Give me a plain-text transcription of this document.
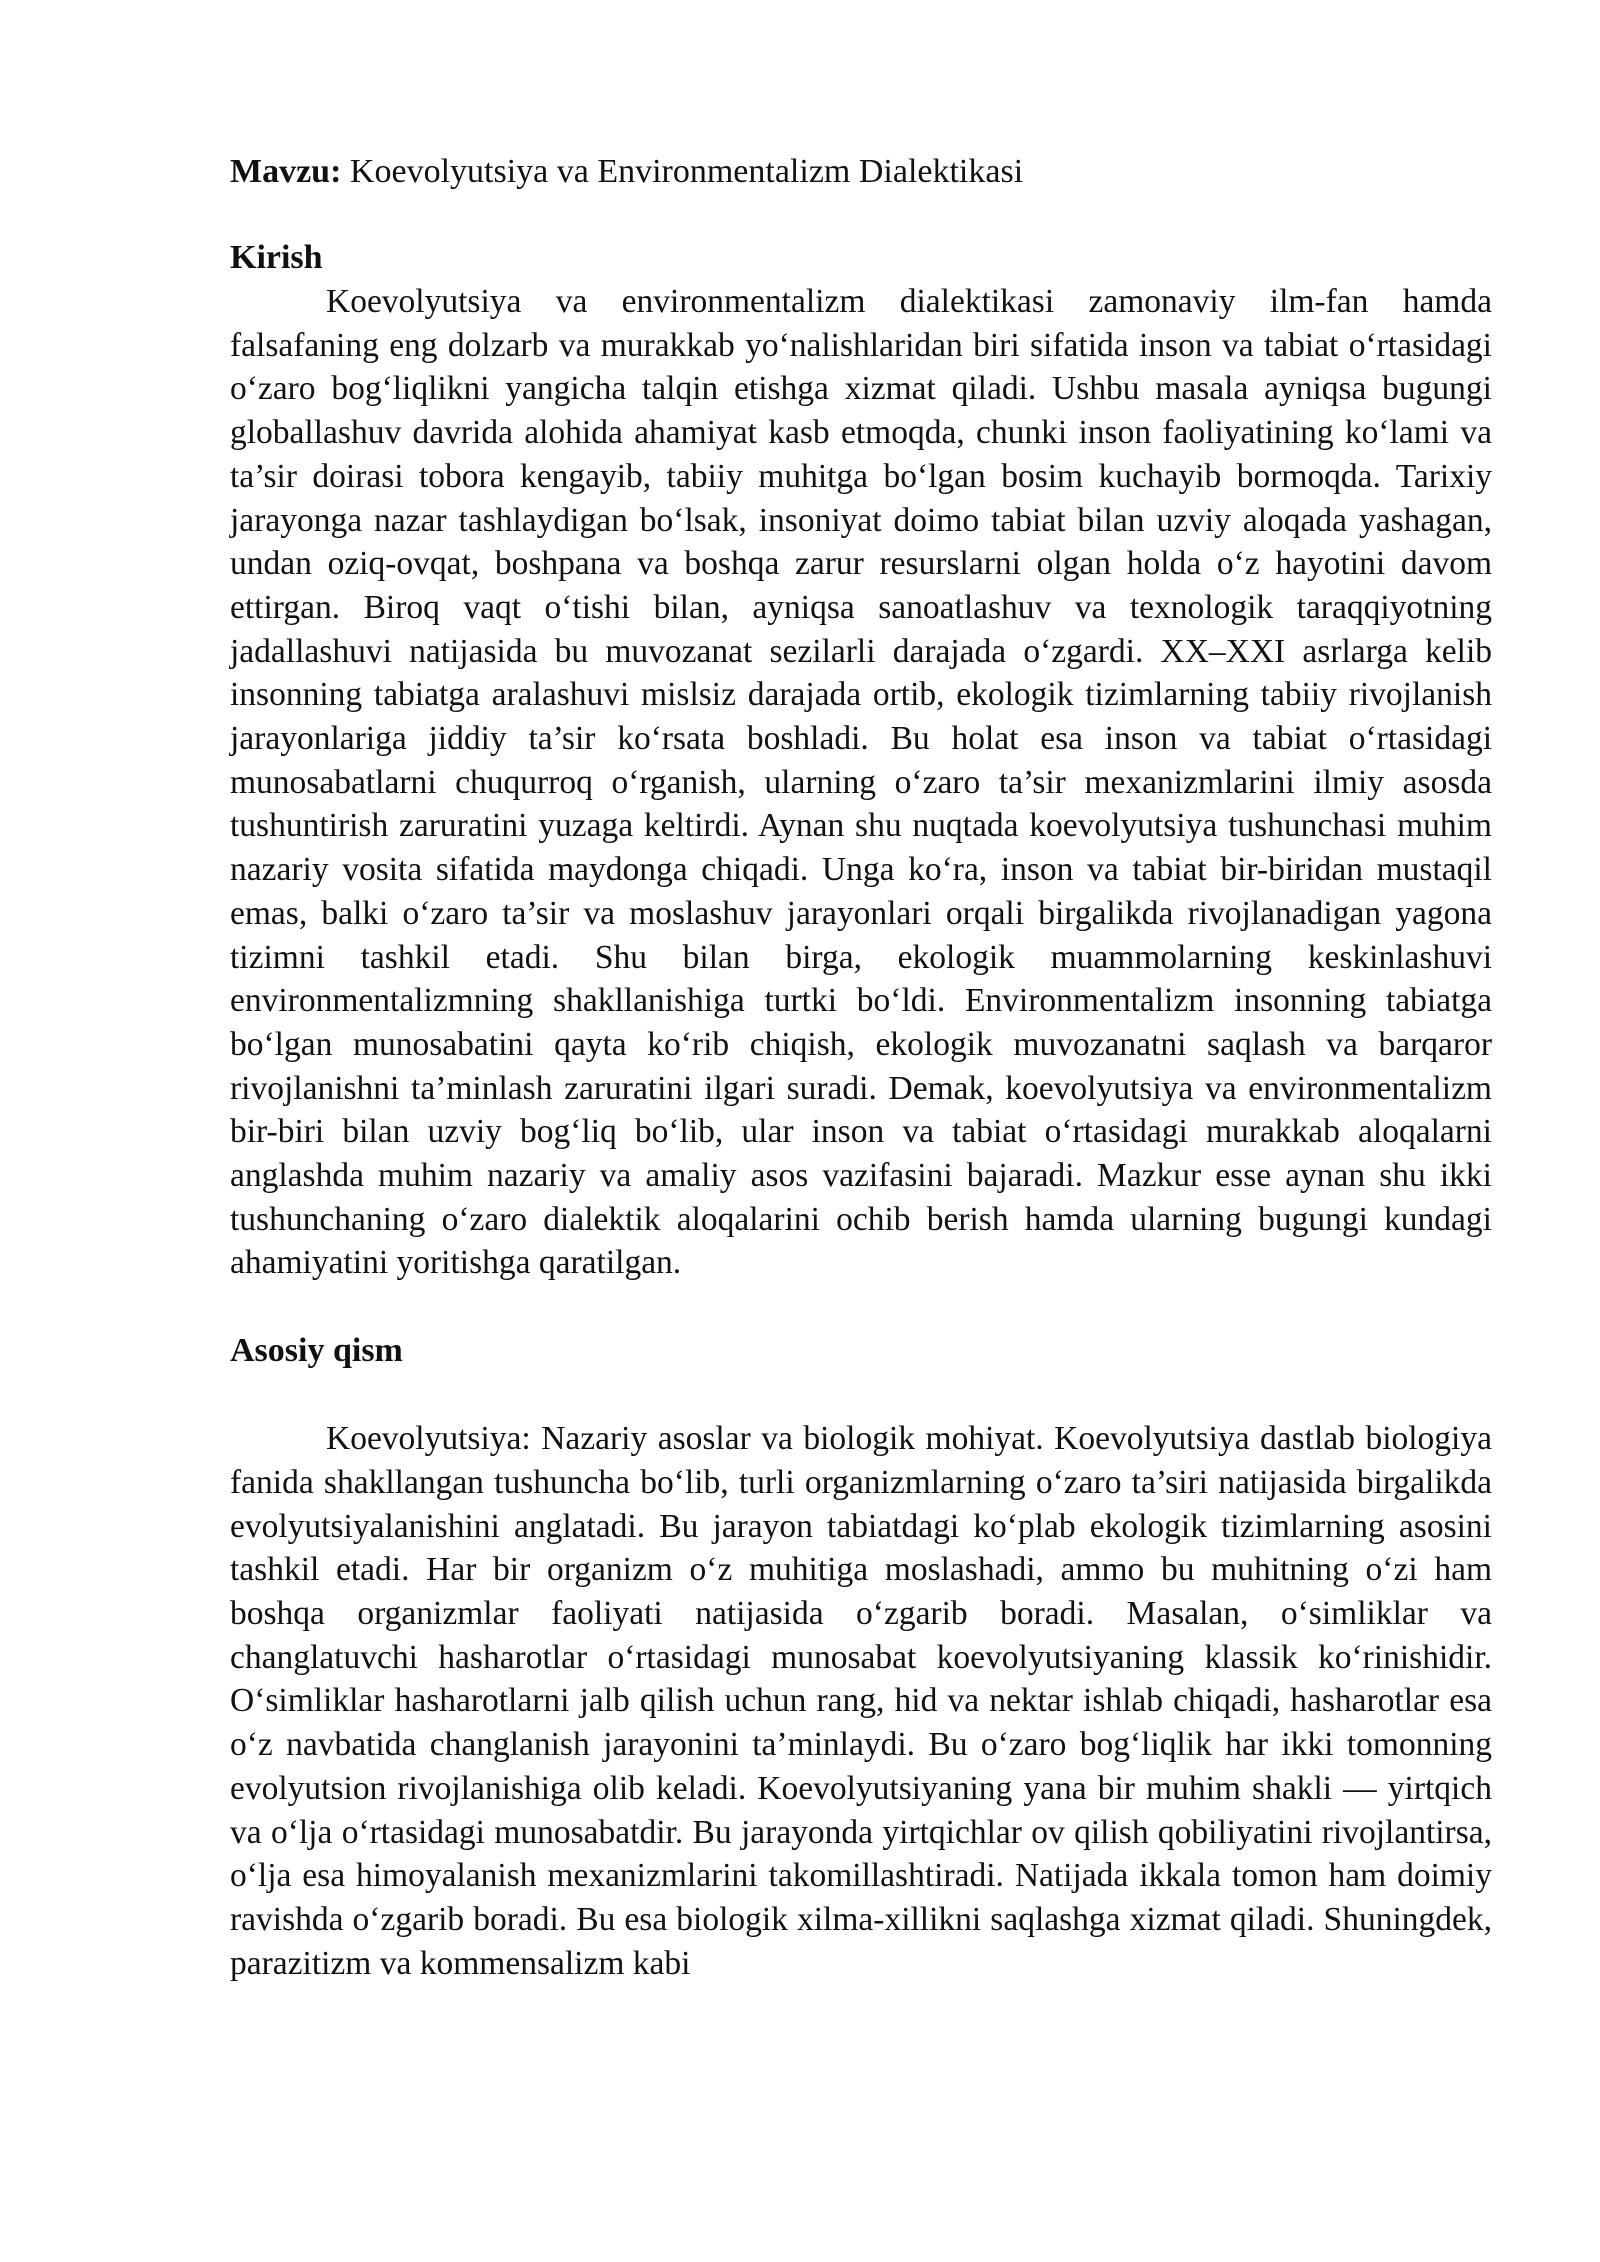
Mavzu: Koevolyutsiya va Environmentalizm Dialektikasi

Kirish

Koevolyutsiya va environmentalizm dialektikasi zamonaviy ilm-fan hamda falsafaning eng dolzarb va murakkab yo‘nalishlaridan biri sifatida inson va tabiat o‘rtasidagi o‘zaro bog‘liqlikni yangicha talqin etishga xizmat qiladi. Ushbu masala ayniqsa bugungi globallashuv davrida alohida ahamiyat kasb etmoqda, chunki inson faoliyatining ko‘lami va ta’sir doirasi tobora kengayib, tabiiy muhitga bo‘lgan bosim kuchayib bormoqda. Tarixiy jarayonga nazar tashlaydigan bo‘lsak, insoniyat doimo tabiat bilan uzviy aloqada yashagan, undan oziq-ovqat, boshpana va boshqa zarur resurslarni olgan holda o‘z hayotini davom ettirgan. Biroq vaqt o‘tishi bilan, ayniqsa sanoatlashuv va texnologik taraqqiyotning jadallashuvi natijasida bu muvozanat sezilarli darajada o‘zgardi. XX–XXI asrlarga kelib insonning tabiatga aralashuvi mislsiz darajada ortib, ekologik tizimlarning tabiiy rivojlanish jarayonlariga jiddiy ta’sir ko‘rsata boshladi. Bu holat esa inson va tabiat o‘rtasidagi munosabatlarni chuqurroq o‘rganish, ularning o‘zaro ta’sir mexanizmlarini ilmiy asosda tushuntirish zaruratini yuzaga keltirdi. Aynan shu nuqtada koevolyutsiya tushunchasi muhim nazariy vosita sifatida maydonga chiqadi. Unga ko‘ra, inson va tabiat bir-biridan mustaqil emas, balki o‘zaro ta’sir va moslashuv jarayonlari orqali birgalikda rivojlanadigan yagona tizimni tashkil etadi. Shu bilan birga, ekologik muammolarning keskinlashuvi environmentalizmning shakllanishiga turtki bo‘ldi. Environmentalizm insonning tabiatga bo‘lgan munosabatini qayta ko‘rib chiqish, ekologik muvozanatni saqlash va barqaror rivojlanishni ta’minlash zaruratini ilgari suradi. Demak, koevolyutsiya va environmentalizm bir-biri bilan uzviy bog‘liq bo‘lib, ular inson va tabiat o‘rtasidagi murakkab aloqalarni anglashda muhim nazariy va amaliy asos vazifasini bajaradi. Mazkur esse aynan shu ikki tushunchaning o‘zaro dialektik aloqalarini ochib berish hamda ularning bugungi kundagi ahamiyatini yoritishga qaratilgan.

Asosiy qism

Koevolyutsiya: Nazariy asoslar va biologik mohiyat. Koevolyutsiya dastlab biologiya fanida shakllangan tushuncha bo‘lib, turli organizmlarning o‘zaro ta’siri natijasida birgalikda evolyutsiyalanishini anglatadi. Bu jarayon tabiatdagi ko‘plab ekologik tizimlarning asosini tashkil etadi. Har bir organizm o‘z muhitiga moslashadi, ammo bu muhitning o‘zi ham boshqa organizmlar faoliyati natijasida o‘zgarib boradi. Masalan, o‘simliklar va changlatuvchi hasharotlar o‘rtasidagi munosabat koevolyutsiyaning klassik ko‘rinishidir. O‘simliklar hasharotlarni jalb qilish uchun rang, hid va nektar ishlab chiqadi, hasharotlar esa o‘z navbatida changlanish jarayonini ta’minlaydi. Bu o‘zaro bog‘liqlik har ikki tomonning evolyutsion rivojlanishiga olib keladi. Koevolyutsiyaning yana bir muhim shakli — yirtqich va o‘lja o‘rtasidagi munosabatdir. Bu jarayonda yirtqichlar ov qilish qobiliyatini rivojlantirsa, o‘lja esa himoyalanish mexanizmlarini takomillashtiradi. Natijada ikkala tomon ham doimiy ravishda o‘zgarib boradi. Bu esa biologik xilma-xillikni saqlashga xizmat qiladi. Shuningdek, parazitizm va kommensalizm kabi
